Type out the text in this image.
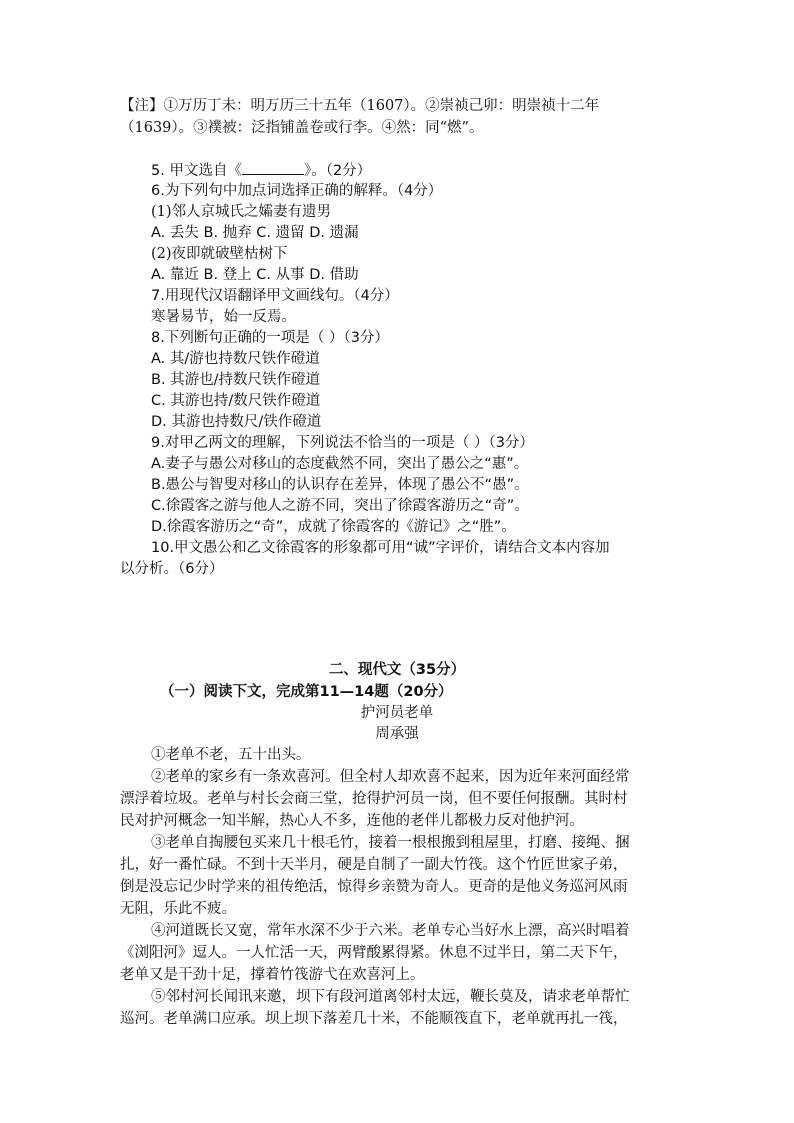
【注】①万历丁未：明万历三十五年（1607）。②崇祯己卯：明崇祯十二年
（1639）。③襆被：泛指铺盖卷或行李。④然：同“燃”。
5. 甲文选自《	》。（2分）
6.为下列句中加点词选择正确的解释。（4分）
(1)邻人京城氏之孀妻有遗男
A. 丢失 B. 抛弃 C. 遗留 D. 遗漏
(2)夜即就破壁枯树下
A. 靠近 B. 登上 C. 从事 D. 借助
7.用现代汉语翻译甲文画线句。（4分）
寒暑易节，始一反焉。
8.下列断句正确的一项是（ ）（3分）
A. 其/游也持数尺铁作磴道
B. 其游也/持数尺铁作磴道
C. 其游也持/数尺铁作磴道
D. 其游也持数尺/铁作磴道
9.对甲乙两文的理解，下列说法不恰当的一项是（ ）（3分）
A.妻子与愚公对移山的态度截然不同，突出了愚公之“惠”。
B.愚公与智叟对移山的认识存在差异，体现了愚公不“愚”。
C.徐霞客之游与他人之游不同，突出了徐霞客游历之“奇”。
D.徐霞客游历之“奇”，成就了徐霞客的《游记》之“胜”。
10.甲文愚公和乙文徐霞客的形象都可用“诚”字评价，请结合文本内容加
以分析。（6分）
二、现代文（35分）
（一）阅读下文，完成第11—14题（20分）
护河员老单
周承强
①老单不老，五十出头。
②老单的家乡有一条欢喜河。但全村人却欢喜不起来，因为近年来河面经常
漂浮着垃圾。老单与村长会商三堂，抢得护河员一岗，但不要任何报酬。其时村
民对护河概念一知半解，热心人不多，连他的老伴儿都极力反对他护河。
③老单自掏腰包买来几十根毛竹，接着一根根搬到租屋里，打磨、接绳、捆
扎，好一番忙碌。不到十天半月，硬是自制了一副大竹筏。这个竹匠世家子弟，
倒是没忘记少时学来的祖传绝活，惊得乡亲赞为奇人。更奇的是他义务巡河风雨
无阻，乐此不疲。
④河道既长又宽，常年水深不少于六米。老单专心当好水上漂，高兴时唱着
《浏阳河》逗人。一人忙活一天，两臂酸累得紧。休息不过半日，第二天下午，
老单又是干劲十足，撑着竹筏游弋在欢喜河上。
⑤邻村河长闻讯来邀，坝下有段河道离邻村太远，鞭长莫及，请求老单帮忙
巡河。老单满口应承。坝上坝下落差几十米，不能顺筏直下，老单就再扎一筏，
